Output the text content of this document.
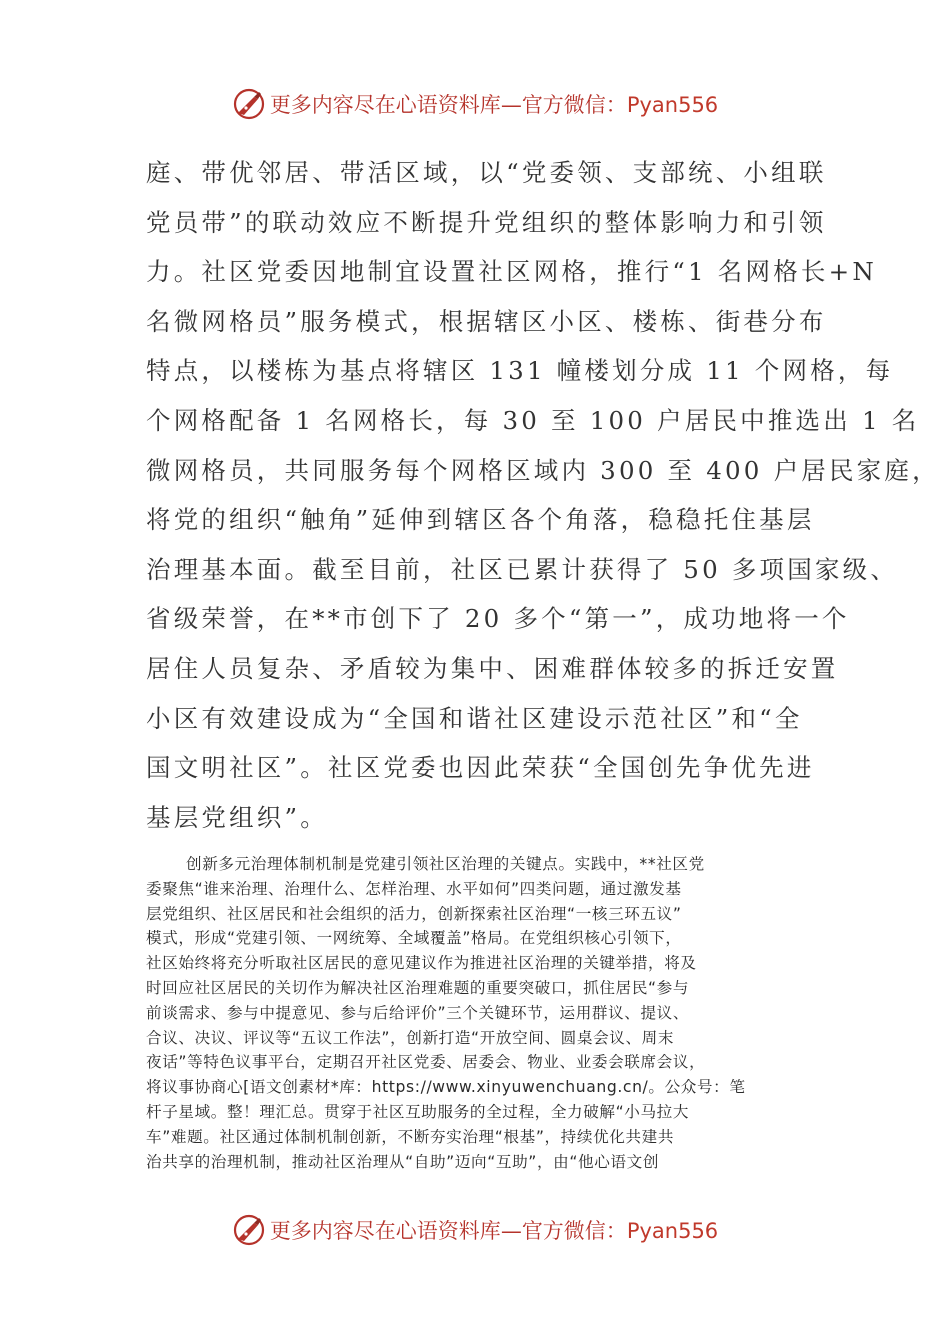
更多内容尽在心语资料库—官方微信：Pyan556
庭、带优邻居、带活区域，以“党委领、支部统、小组联
党员带”的联动效应不断提升党组织的整体影响力和引领
力。社区党委因地制宜设置社区网格，推行“1 名网格长+N
名微网格员”服务模式，根据辖区小区、楼栋、街巷分布
特点，以楼栋为基点将辖区 131 幢楼划分成 11 个网格，每
个网格配备 1 名网格长，每 30 至 100 户居民中推选出 1 名
微网格员，共同服务每个网格区域内 300 至 400 户居民家庭，
将党的组织“触角”延伸到辖区各个角落，稳稳托住基层
治理基本面。截至目前，社区已累计获得了 50 多项国家级、
省级荣誉，在**市创下了 20 多个“第一”，成功地将一个
居住人员复杂、矛盾较为集中、困难群体较多的拆迁安置
小区有效建设成为“全国和谐社区建设示范社区”和“全
国文明社区”。社区党委也因此荣获“全国创先争优先进
基层党组织”。
创新多元治理体制机制是党建引领社区治理的关键点。实践中，**社区党
委聚焦“谁来治理、治理什么、怎样治理、水平如何”四类问题，通过激发基
层党组织、社区居民和社会组织的活力，创新探索社区治理“一核三环五议”
模式，形成“党建引领、一网统筹、全域覆盖”格局。在党组织核心引领下，
社区始终将充分听取社区居民的意见建议作为推进社区治理的关键举措，将及
时回应社区居民的关切作为解决社区治理难题的重要突破口，抓住居民“参与
前谈需求、参与中提意见、参与后给评价”三个关键环节，运用群议、提议、
合议、决议、评议等“五议工作法”，创新打造“开放空间、圆桌会议、周末
夜话”等特色议事平台，定期召开社区党委、居委会、物业、业委会联席会议，
将议事协商心[语文创素材*库：https://www.xinyuwenchuang.cn/。公众号：笔
杆子星域。整！理汇总。贯穿于社区互助服务的全过程，全力破解“小马拉大
车”难题。社区通过体制机制创新，不断夯实治理“根基”，持续优化共建共
治共享的治理机制，推动社区治理从“自助”迈向“互助”，由“他心语文创
更多内容尽在心语资料库—官方微信：Pyan556
